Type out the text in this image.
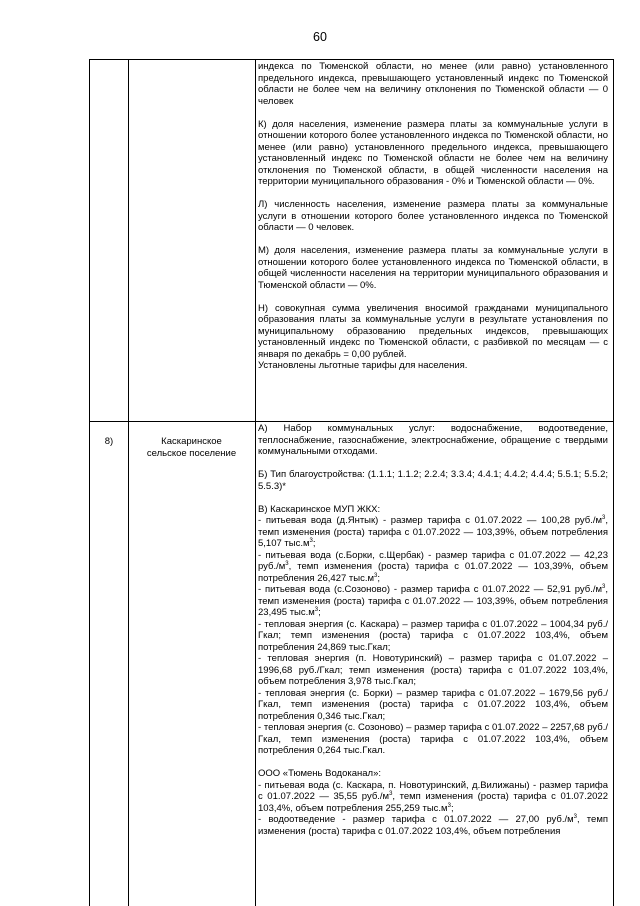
60

индекса по Тюменской области, но менее (или равно) установленного предельного индекса, превышающего установленный индекс по Тюменской области не более чем на величину отклонения по Тюменской области — 0 человек

К) доля населения, изменение размера платы за коммунальные услуги в отношении которого более установленного индекса по Тюменской области, но менее (или равно) установленного предельного индекса, превышающего установленный индекс по Тюменской области не более чем на величину отклонения по Тюменской области, в общей численности населения на территории муниципального образования - 0% и Тюменской области — 0%.

Л) численность населения, изменение размера платы за коммунальные услуги в отношении которого более установленного индекса по Тюменской области — 0 человек.

М) доля населения, изменение размера платы за коммунальные услуги в отношении которого более установленного индекса по Тюменской области, в общей численности населения на территории муниципального образования и Тюменской области — 0%.

Н) совокупная сумма увеличения вносимой гражданами муниципального образования платы за коммунальные услуги в результате установления по муниципальному образованию предельных индексов, превышающих установленный индекс по Тюменской области, с разбивкой по месяцам — с января по декабрь = 0,00 рублей.

Установлены льготные тарифы для населения.

8)	Каскаринское
сельское поселение

А) Набор коммунальных услуг: водоснабжение, водоотведение, теплоснабжение, газоснабжение, электроснабжение, обращение с твердыми коммунальными отходами.

Б) Тип благоустройства: (1.1.1; 1.1.2; 2.2.4; 3.3.4; 4.4.1; 4.4.2; 4.4.4; 5.5.1; 5.5.2; 5.5.3)*

В) Каскаринское МУП ЖКХ:

- питьевая вода (д.Янтык) - размер тарифа с 01.07.2022 — 100,28 $руб./м^3$, темп изменения (роста) тарифа с 01.07.2022 — 103,39%, объем потребления 5,107 $тыс.м^3$;

- питьевая вода (с.Борки, с.Щербак) - размер тарифа с 01.07.2022 — 42,23 $руб./м^3$, темп изменения (роста) тарифа с 01.07.2022 — 103,39%, объем потребления 26,427 $тыс.м^3$;

- питьевая вода (с.Созоново) - размер тарифа с 01.07.2022 — 52,91 $руб./м^3$, темп изменения (роста) тарифа с 01.07.2022 — 103,39%, объем потребления 23,495 $тыс.м^3$;

- тепловая энергия (с. Каскара) – размер тарифа с 01.07.2022 – 1004,34 руб./Гкал; темп изменения (роста) тарифа с 01.07.2022 103,4%, объем потребления 24,869 тыс.Гкал;

- тепловая энергия (п. Новотуринский) – размер тарифа с 01.07.2022 – 1996,68 руб./Гкал; темп изменения (роста) тарифа с 01.07.2022 103,4%, объем потребления 3,978 тыс.Гкал;

- тепловая энергия (с. Борки) – размер тарифа с 01.07.2022 – 1679,56 руб./Гкал, темп изменения (роста) тарифа с 01.07.2022 103,4%, объем потребления 0,346 тыс.Гкал;

- тепловая энергия (с. Созоново) – размер тарифа с 01.07.2022 – 2257,68 руб./Гкал, темп изменения (роста) тарифа с 01.07.2022 103,4%, объем потребления 0,264 тыс.Гкал.

ООО «Тюмень Водоканал»:

- питьевая вода (с. Каскара, п. Новотуринский, д.Вилижаны) - размер тарифа с 01.07.2022 — 35,55 $руб./м^3$, темп изменения (роста) тарифа с 01.07.2022 103,4%, объем потребления 255,259 $тыс.м^3$;

- водоотведение - размер тарифа с 01.07.2022 — 27,00 $руб./м^3$, темп изменения (роста) тарифа с 01.07.2022 103,4%, объем потребления
